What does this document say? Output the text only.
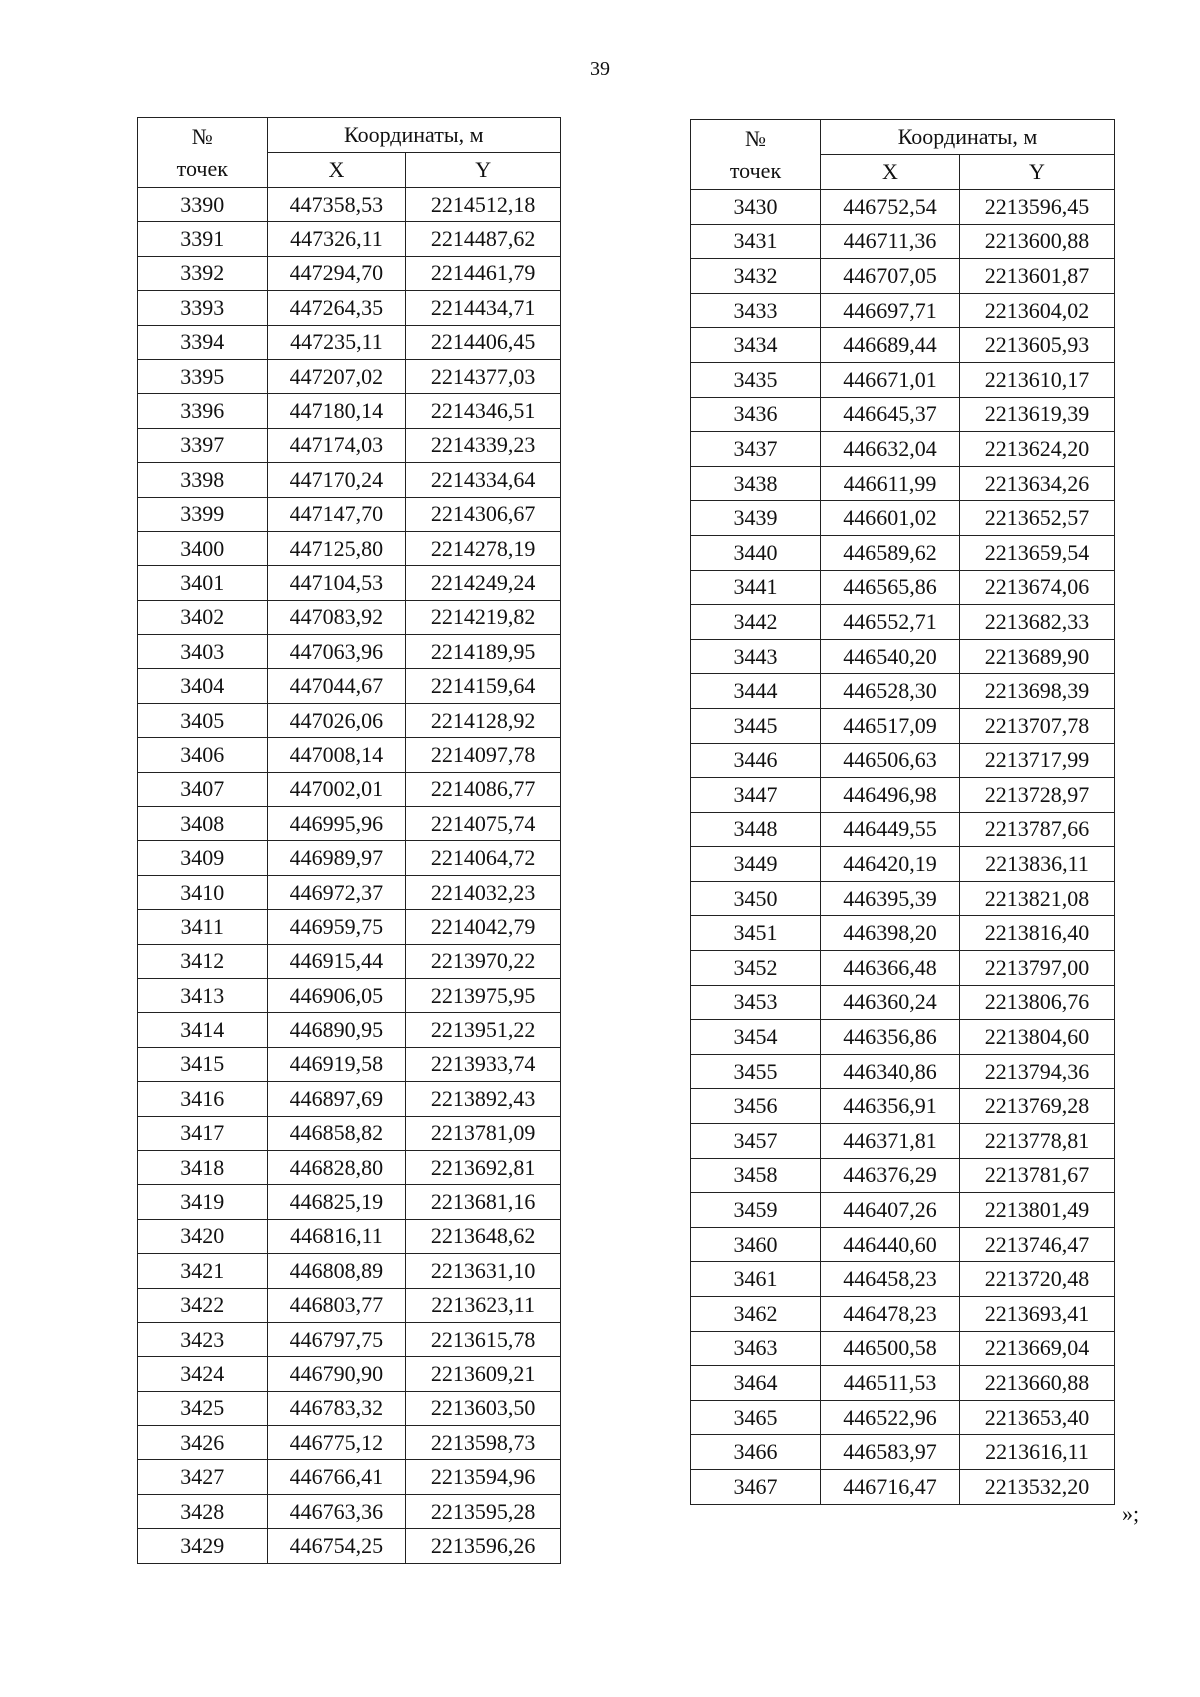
39
№
точек	Координаты, м	
	X	Y
3390	447358,53	2214512,18
3391	447326,11	2214487,62
3392	447294,70	2214461,79
3393	447264,35	2214434,71
3394	447235,11	2214406,45
3395	447207,02	2214377,03
3396	447180,14	2214346,51
3397	447174,03	2214339,23
3398	447170,24	2214334,64
3399	447147,70	2214306,67
3400	447125,80	2214278,19
3401	447104,53	2214249,24
3402	447083,92	2214219,82
3403	447063,96	2214189,95
3404	447044,67	2214159,64
3405	447026,06	2214128,92
3406	447008,14	2214097,78
3407	447002,01	2214086,77
3408	446995,96	2214075,74
3409	446989,97	2214064,72
3410	446972,37	2214032,23
3411	446959,75	2214042,79
3412	446915,44	2213970,22
3413	446906,05	2213975,95
3414	446890,95	2213951,22
3415	446919,58	2213933,74
3416	446897,69	2213892,43
3417	446858,82	2213781,09
3418	446828,80	2213692,81
3419	446825,19	2213681,16
3420	446816,11	2213648,62
3421	446808,89	2213631,10
3422	446803,77	2213623,11
3423	446797,75	2213615,78
3424	446790,90	2213609,21
3425	446783,32	2213603,50
3426	446775,12	2213598,73
3427	446766,41	2213594,96
3428	446763,36	2213595,28
3429	446754,25	2213596,26
№
точек	Координаты, м	
	X	Y
3430	446752,54	2213596,45
3431	446711,36	2213600,88
3432	446707,05	2213601,87
3433	446697,71	2213604,02
3434	446689,44	2213605,93
3435	446671,01	2213610,17
3436	446645,37	2213619,39
3437	446632,04	2213624,20
3438	446611,99	2213634,26
3439	446601,02	2213652,57
3440	446589,62	2213659,54
3441	446565,86	2213674,06
3442	446552,71	2213682,33
3443	446540,20	2213689,90
3444	446528,30	2213698,39
3445	446517,09	2213707,78
3446	446506,63	2213717,99
3447	446496,98	2213728,97
3448	446449,55	2213787,66
3449	446420,19	2213836,11
3450	446395,39	2213821,08
3451	446398,20	2213816,40
3452	446366,48	2213797,00
3453	446360,24	2213806,76
3454	446356,86	2213804,60
3455	446340,86	2213794,36
3456	446356,91	2213769,28
3457	446371,81	2213778,81
3458	446376,29	2213781,67
3459	446407,26	2213801,49
3460	446440,60	2213746,47
3461	446458,23	2213720,48
3462	446478,23	2213693,41
3463	446500,58	2213669,04
3464	446511,53	2213660,88
3465	446522,96	2213653,40
3466	446583,97	2213616,11
3467	446716,47	2213532,20
»;
